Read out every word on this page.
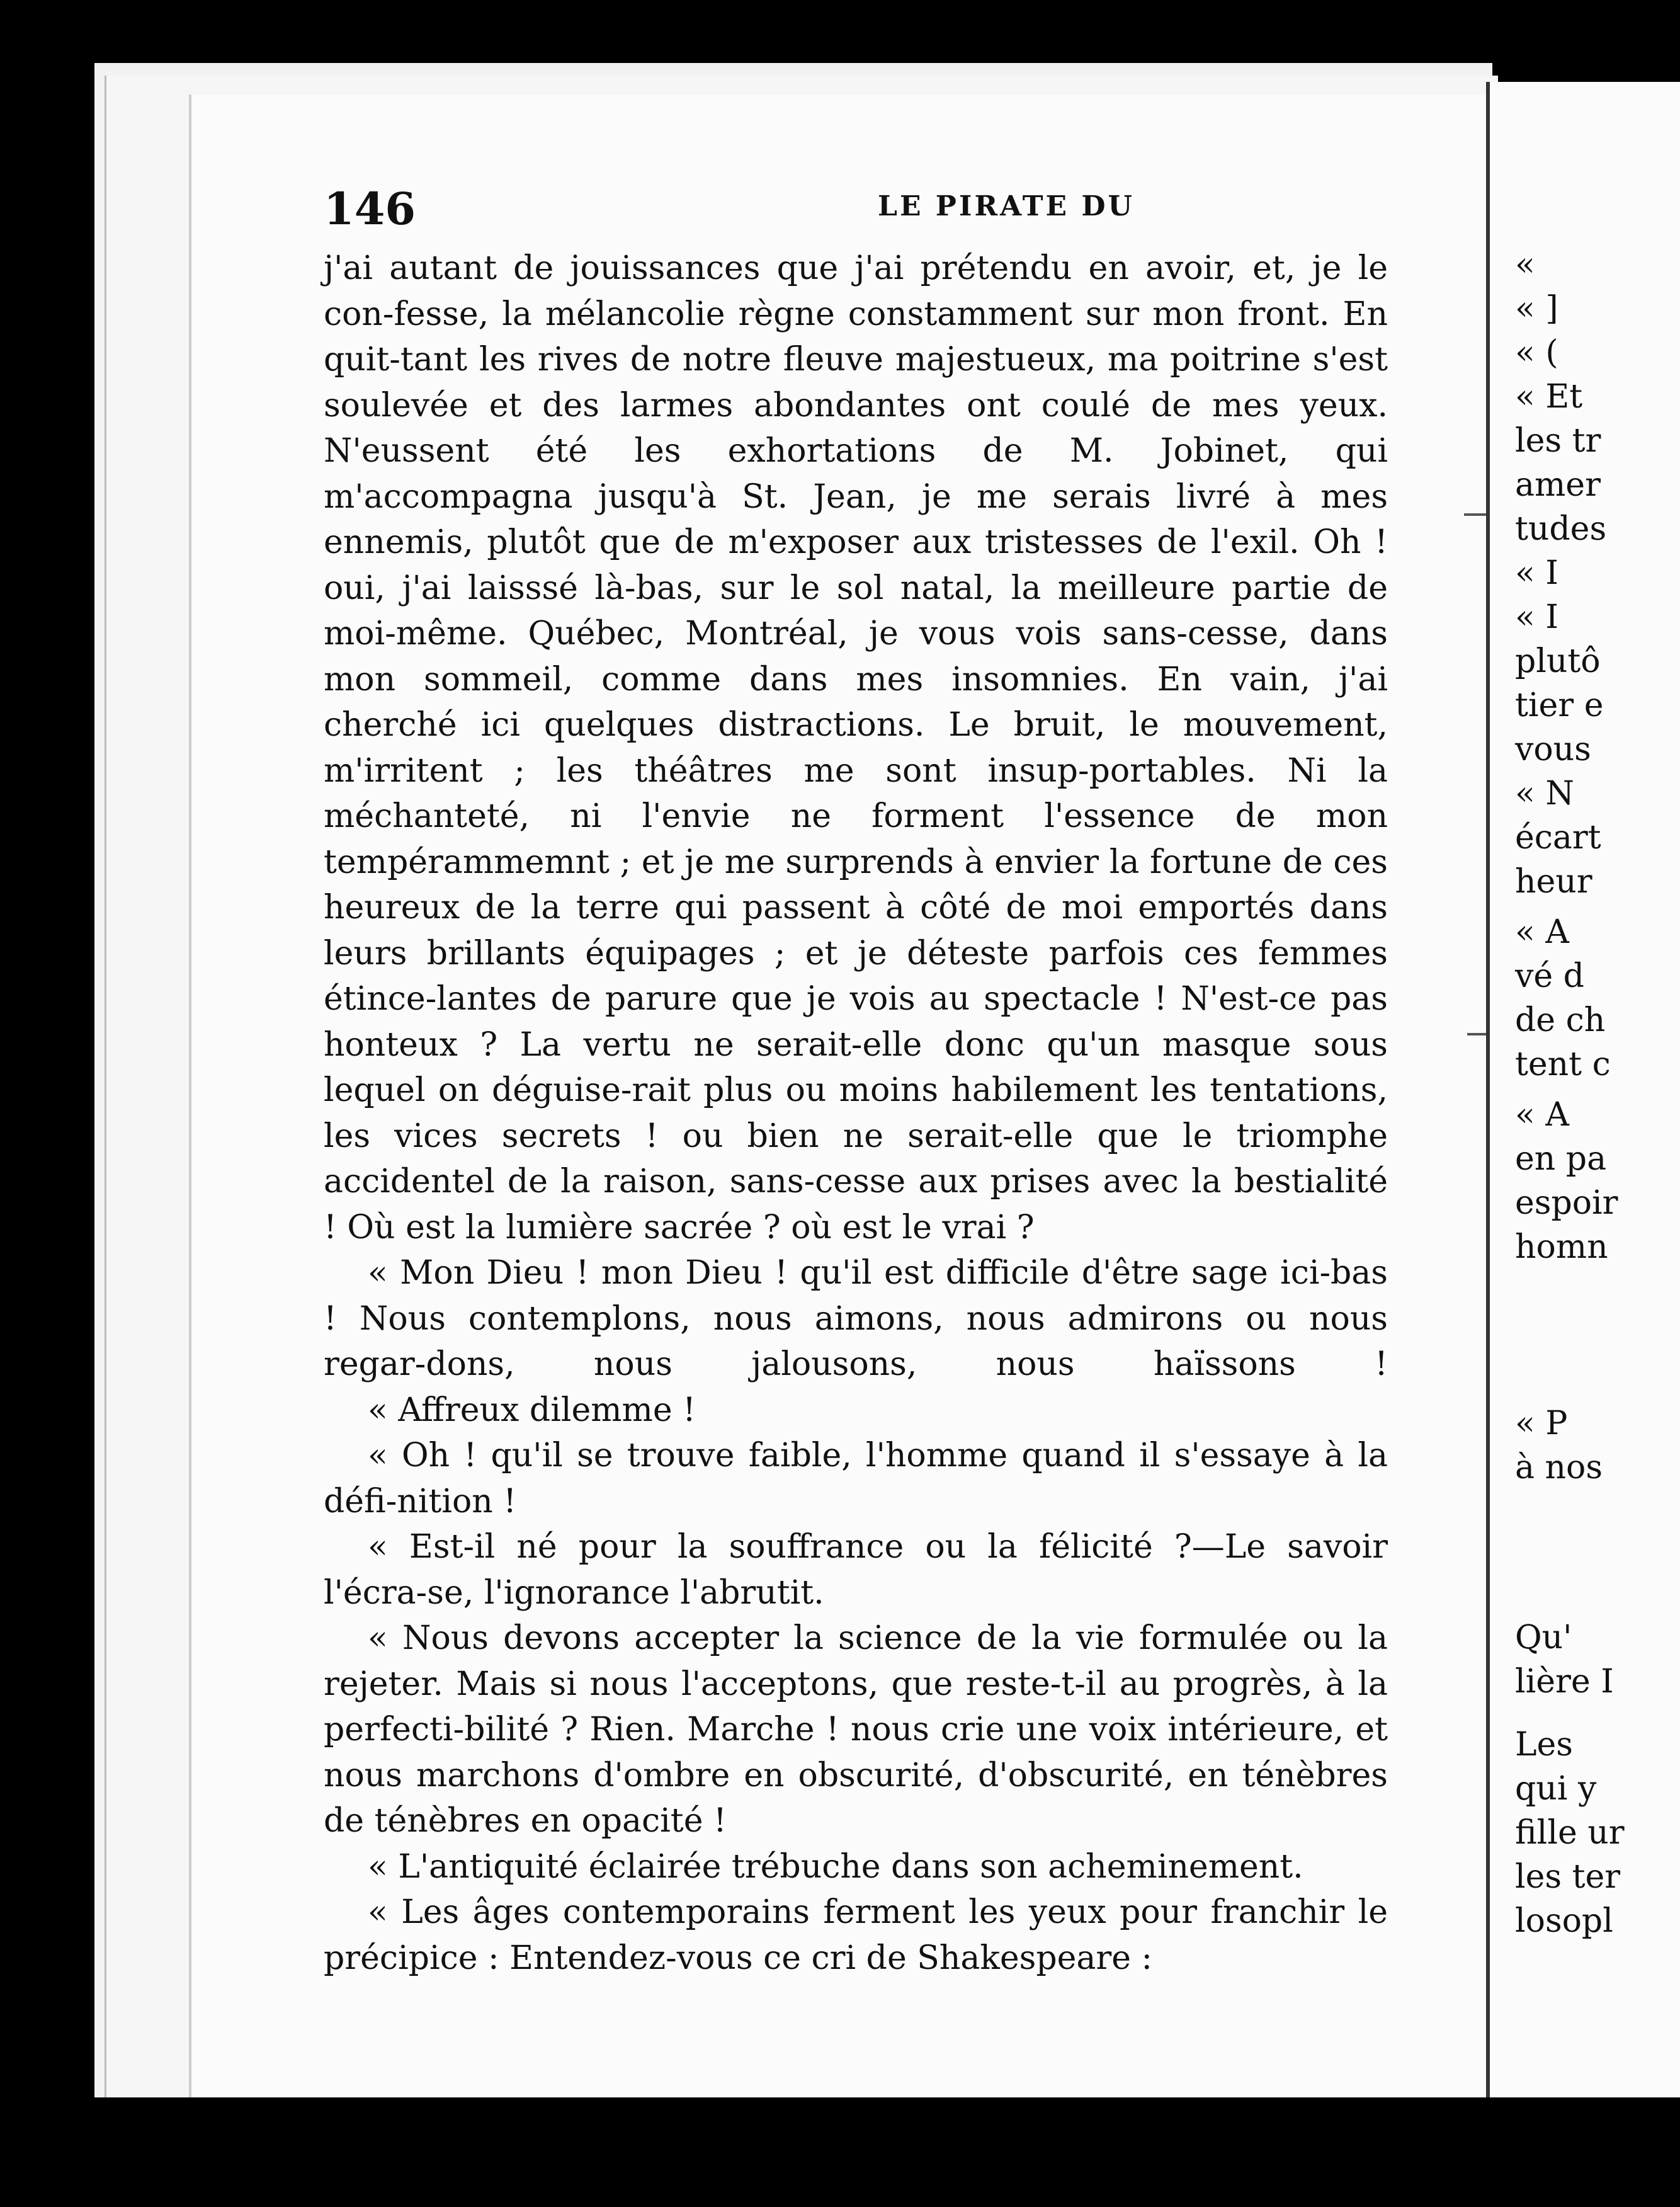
146	LE PIRATE DU

j'ai autant de jouissances que j'ai prétendu en avoir, et, je le con-fesse, la mélancolie règne constamment sur mon front. En quit-tant les rives de notre fleuve majestueux, ma poitrine s'est soulevée et des larmes abondantes ont coulé de mes yeux. N'eussent été les exhortations de M. Jobinet, qui m'accompagna jusqu'à St. Jean, je me serais livré à mes ennemis, plutôt que de m'exposer aux tristesses de l'exil. Oh ! oui, j'ai laisssé là-bas, sur le sol natal, la meilleure partie de moi-même. Québec, Montréal, je vous vois sans-cesse, dans mon sommeil, comme dans mes insomnies. En vain, j'ai cherché ici quelques distractions. Le bruit, le mouvement, m'irritent ; les théâtres me sont insup-portables. Ni la méchanteté, ni l'envie ne forment l'essence de mon tempérammemnt ; et je me surprends à envier la fortune de ces heureux de la terre qui passent à côté de moi emportés dans leurs brillants équipages ; et je déteste parfois ces femmes étince-lantes de parure que je vois au spectacle ! N'est-ce pas honteux ? La vertu ne serait-elle donc qu'un masque sous lequel on déguise-rait plus ou moins habilement les tentations, les vices secrets ! ou bien ne serait-elle que le triomphe accidentel de la raison, sans-cesse aux prises avec la bestialité ! Où est la lumière sacrée ? où est le vrai ?

« Mon Dieu ! mon Dieu ! qu'il est difficile d'être sage ici-bas ! Nous contemplons, nous aimons, nous admirons ou nous regar-dons, nous jalousons, nous haïssons !

« Affreux dilemme !

« Oh ! qu'il se trouve faible, l'homme quand il s'essaye à la défi-nition !

« Est-il né pour la souffrance ou la félicité ?—Le savoir l'écra-se, l'ignorance l'abrutit.

« Nous devons accepter la science de la vie formulée ou la rejeter. Mais si nous l'acceptons, que reste-t-il au progrès, à la perfecti-bilité ? Rien. Marche ! nous crie une voix intérieure, et nous marchons d'ombre en obscurité, d'obscurité, en ténèbres de ténèbres en opacité !

« L'antiquité éclairée trébuche dans son acheminement.

« Les âges contemporains ferment les yeux pour franchir le précipice : Entendez-vous ce cri de Shakespeare :

«
« ]
« (
« Et
les tr
amer
tudes
« I
« I
plutô
tier e
vous
« N
écart
heur
« A
vé d
de ch
tent c
« A
en pa
espoir
homn
« P
à nos
Qu'
lière I
Les
qui y
fille ur
les ter
losopl
